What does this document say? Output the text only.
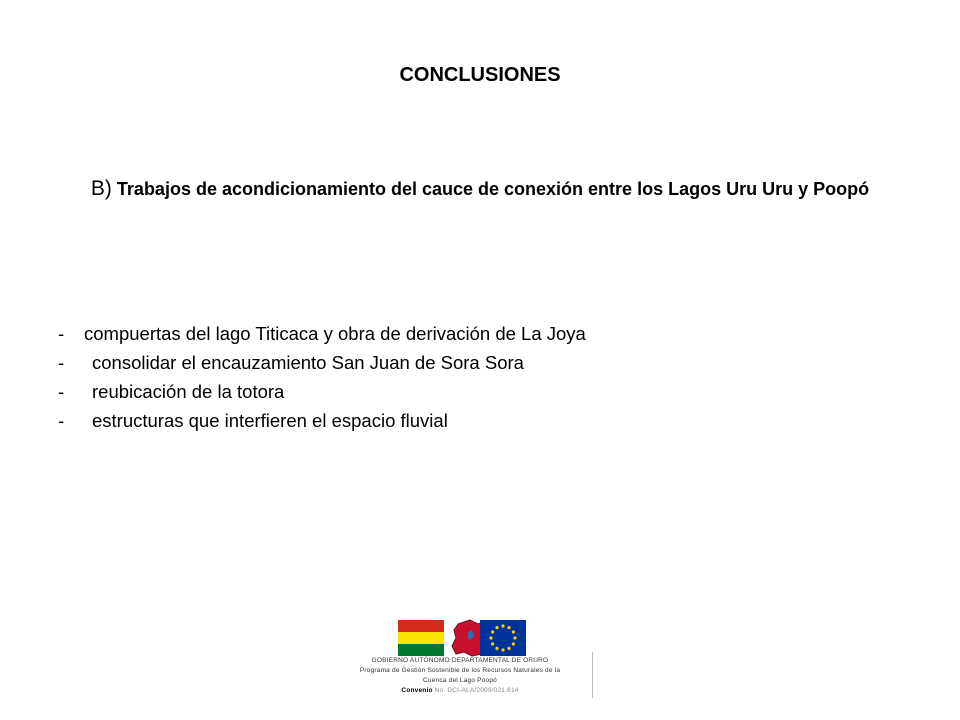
CONCLUSIONES
B) Trabajos de acondicionamiento del cauce de conexión entre los Lagos Uru Uru y Poopó
- compuertas del lago Titicaca y obra de derivación de La Joya
- consolidar el encauzamiento San Juan de Sora Sora
- reubicación de la totora
- estructuras que interfieren el espacio fluvial
GOBIERNO AUTÓNOMO DEPARTAMENTAL DE ORURO
Programa de Gestión Sostenible de los Recursos Naturales de la
Cuenca del Lago Poopó
Convenio No. DCI-ALA/2009/021.614
